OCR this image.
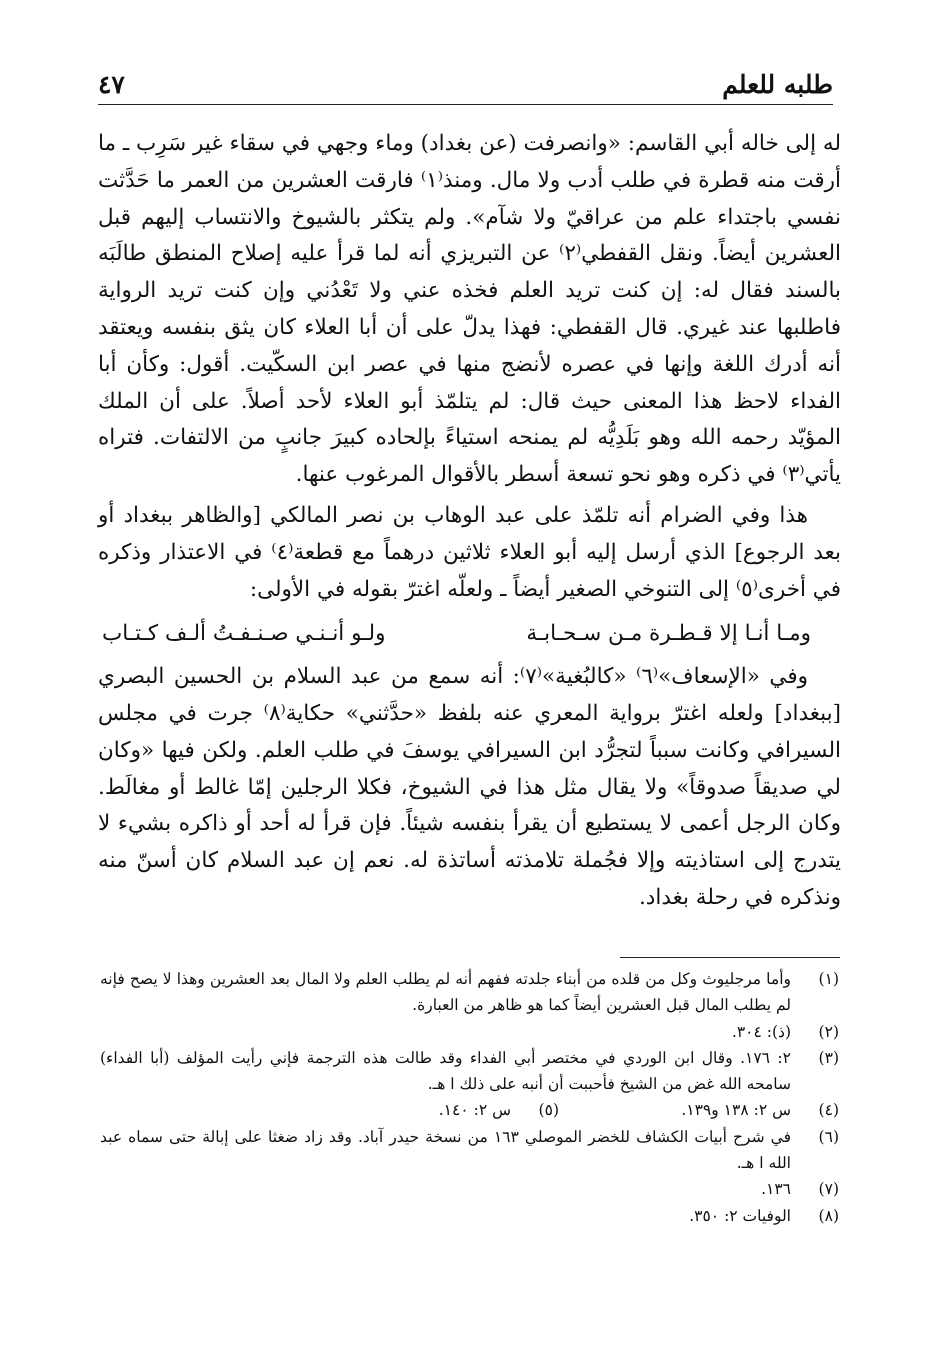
طلبه للعلم
٤٧

له إلى خاله أبي القاسم: «وانصرفت (عن بغداد) وماء وجهي في سقاء غير سَرِب ـ ما أرقت منه قطرة في طلب أدب ولا مال. ومنذ⁽١⁾ فارقت العشرين من العمر ما حَدَّثت نفسي باجتداء علم من عراقيّ ولا شآم». ولم يتكثر بالشيوخ والانتساب إليهم قبل العشرين أيضاً. ونقل القفطي⁽٢⁾ عن التبريزي أنه لما قرأ عليه إصلاح المنطق طالَبَه بالسند فقال له: إن كنت تريد العلم فخذه عني ولا تَعْدُني وإن كنت تريد الرواية فاطلبها عند غيري. قال القفطي: فهذا يدلّ على أن أبا العلاء كان يثق بنفسه ويعتقد أنه أدرك اللغة وإنها في عصره لأنضج منها في عصر ابن السكّيت. أقول: وكأن أبا الفداء لاحظ هذا المعنى حيث قال: لم يتلمّذ أبو العلاء لأحد أصلاً. على أن الملك المؤيّد رحمه الله وهو بَلَدِيُّه لم يمنحه استياءً بإلحاده كبيرَ جانبٍ من الالتفات. فتراه يأتي⁽٣⁾ في ذكره وهو نحو تسعة أسطر بالأقوال المرغوب عنها.

هذا وفي الضرام أنه تلمّذ على عبد الوهاب بن نصر المالكي [والظاهر ببغداد أو بعد الرجوع] الذي أرسل إليه أبو العلاء ثلاثين درهماً مع قطعة⁽٤⁾ في الاعتذار وذكره في أخرى⁽٥⁾ إلى التنوخي الصغير أيضاً ـ ولعلّه اغترّ بقوله في الأولى:

ومـا أنـا إلا قـطـرة مـن سـحـابـة
ولـو أنـنـي صـنـفـتُ ألـف كـتـاب

وفي «الإسعاف»⁽٦⁾ «كالبُغية»⁽٧⁾: أنه سمع من عبد السلام بن الحسين البصري [ببغداد] ولعله اغترّ برواية المعري عنه بلفظ «حدَّثني» حكاية⁽٨⁾ جرت في مجلس السيرافي وكانت سبباً لتجرُّد ابن السيرافي يوسفَ في طلب العلم. ولكن فيها «وكان لي صديقاً صدوقاً» ولا يقال مثل هذا في الشيوخ، فكلا الرجلين إمّا غالط أو مغالَط. وكان الرجل أعمى لا يستطيع أن يقرأ بنفسه شيئاً. فإن قرأ له أحد أو ذاكره بشيء لا يتدرج إلى استاذيته وإلا فجُملة تلامذته أساتذة له. نعم إن عبد السلام كان أسنّ منه ونذكره في رحلة بغداد.

(١)
وأما مرجليوث وكل من قلده من أبناء جلدته ففهم أنه لم يطلب العلم ولا المال بعد العشرين وهذا لا يصح فإنه لم يطلب المال قبل العشرين أيضاً كما هو ظاهر من العبارة.
(٢)
(ذ): ٣٠٤.
(٣)
٢: ١٧٦. وقال ابن الوردي في مختصر أبي الفداء وقد طالت هذه الترجمة فإني رأيت المؤلف (أبا الفداء) سامحه الله غض من الشيخ فأحببت أن أنبه على ذلك ا هـ.
(٤)
س ٢: ١٣٨ و١٣٩.
(٥)
س ٢: ١٤٠.
(٦)
في شرح أبيات الكشاف للخضر الموصلي ١٦٣ من نسخة حيدر آباد. وقد زاد ضغثا على إبالة حتى سماه عبد الله ا هـ.
(٧)
١٣٦.
(٨)
الوفيات ٢: ٣٥٠.
